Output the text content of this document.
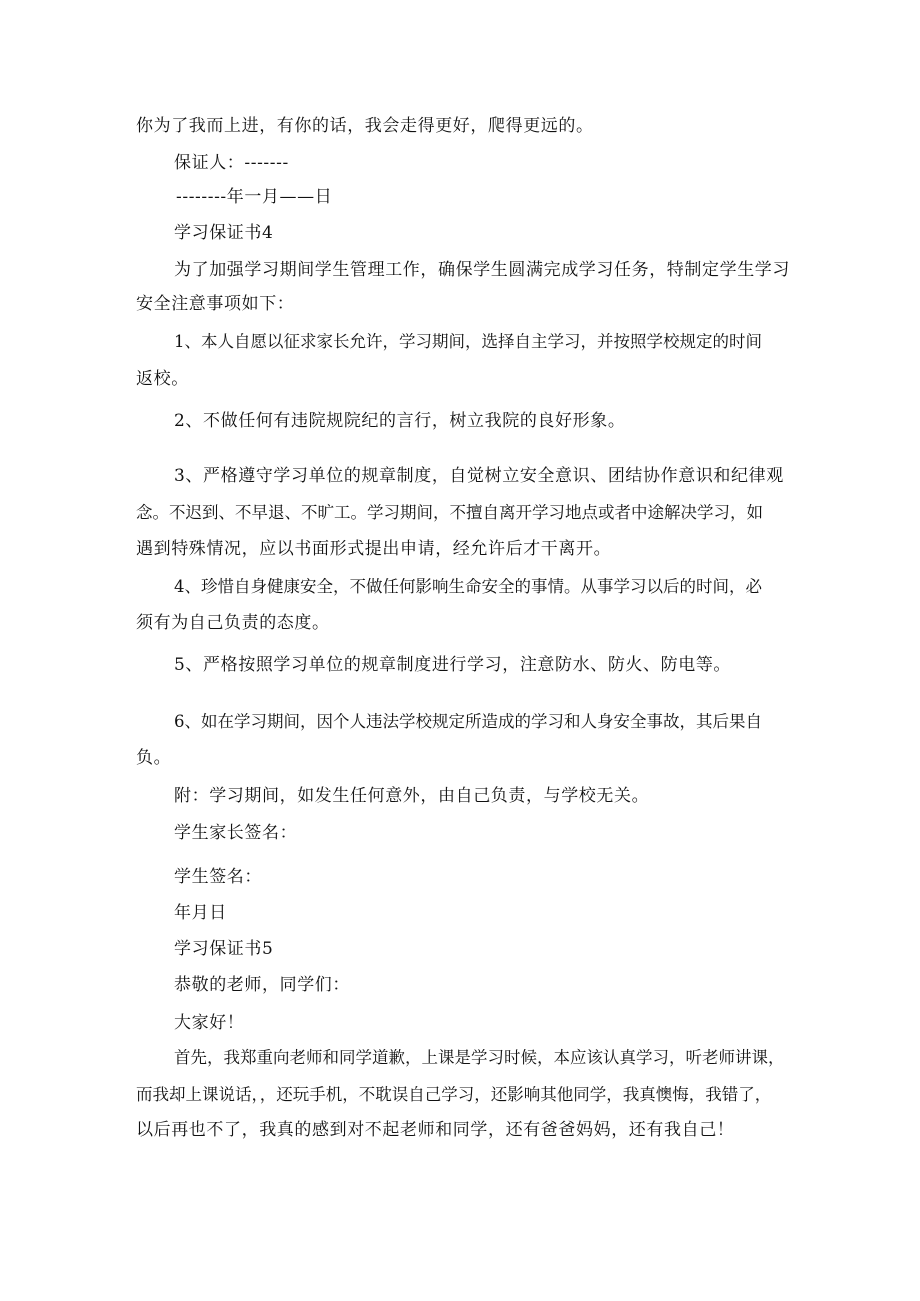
你为了我而上进，有你的话，我会走得更好，爬得更远的。
保证人：-------
--------年一月——日
学习保证书4
为了加强学习期间学生管理工作，确保学生圆满完成学习任务，特制定学生学习
安全注意事项如下：
1、本人自愿以征求家长允许，学习期间，选择自主学习，并按照学校规定的时间
返校。
2、不做任何有违院规院纪的言行，树立我院的良好形象。
3、严格遵守学习单位的规章制度，自觉树立安全意识、团结协作意识和纪律观
念。不迟到、不早退、不旷工。学习期间，不擅自离开学习地点或者中途解决学习，如
遇到特殊情况，应以书面形式提出申请，经允许后才干离开。
4、珍惜自身健康安全，不做任何影响生命安全的事情。从事学习以后的时间，必
须有为自己负责的态度。
5、严格按照学习单位的规章制度进行学习，注意防水、防火、防电等。
6、如在学习期间，因个人违法学校规定所造成的学习和人身安全事故，其后果自
负。
附：学习期间，如发生任何意外，由自己负责，与学校无关。
学生家长签名：
学生签名：
年月日
学习保证书5
恭敬的老师，同学们：
大家好！
首先，我郑重向老师和同学道歉，上课是学习时候，本应该认真学习，听老师讲课，
而我却上课说话，，还玩手机，不耽误自己学习，还影响其他同学，我真懊悔，我错了，
以后再也不了，我真的感到对不起老师和同学，还有爸爸妈妈，还有我自己！
